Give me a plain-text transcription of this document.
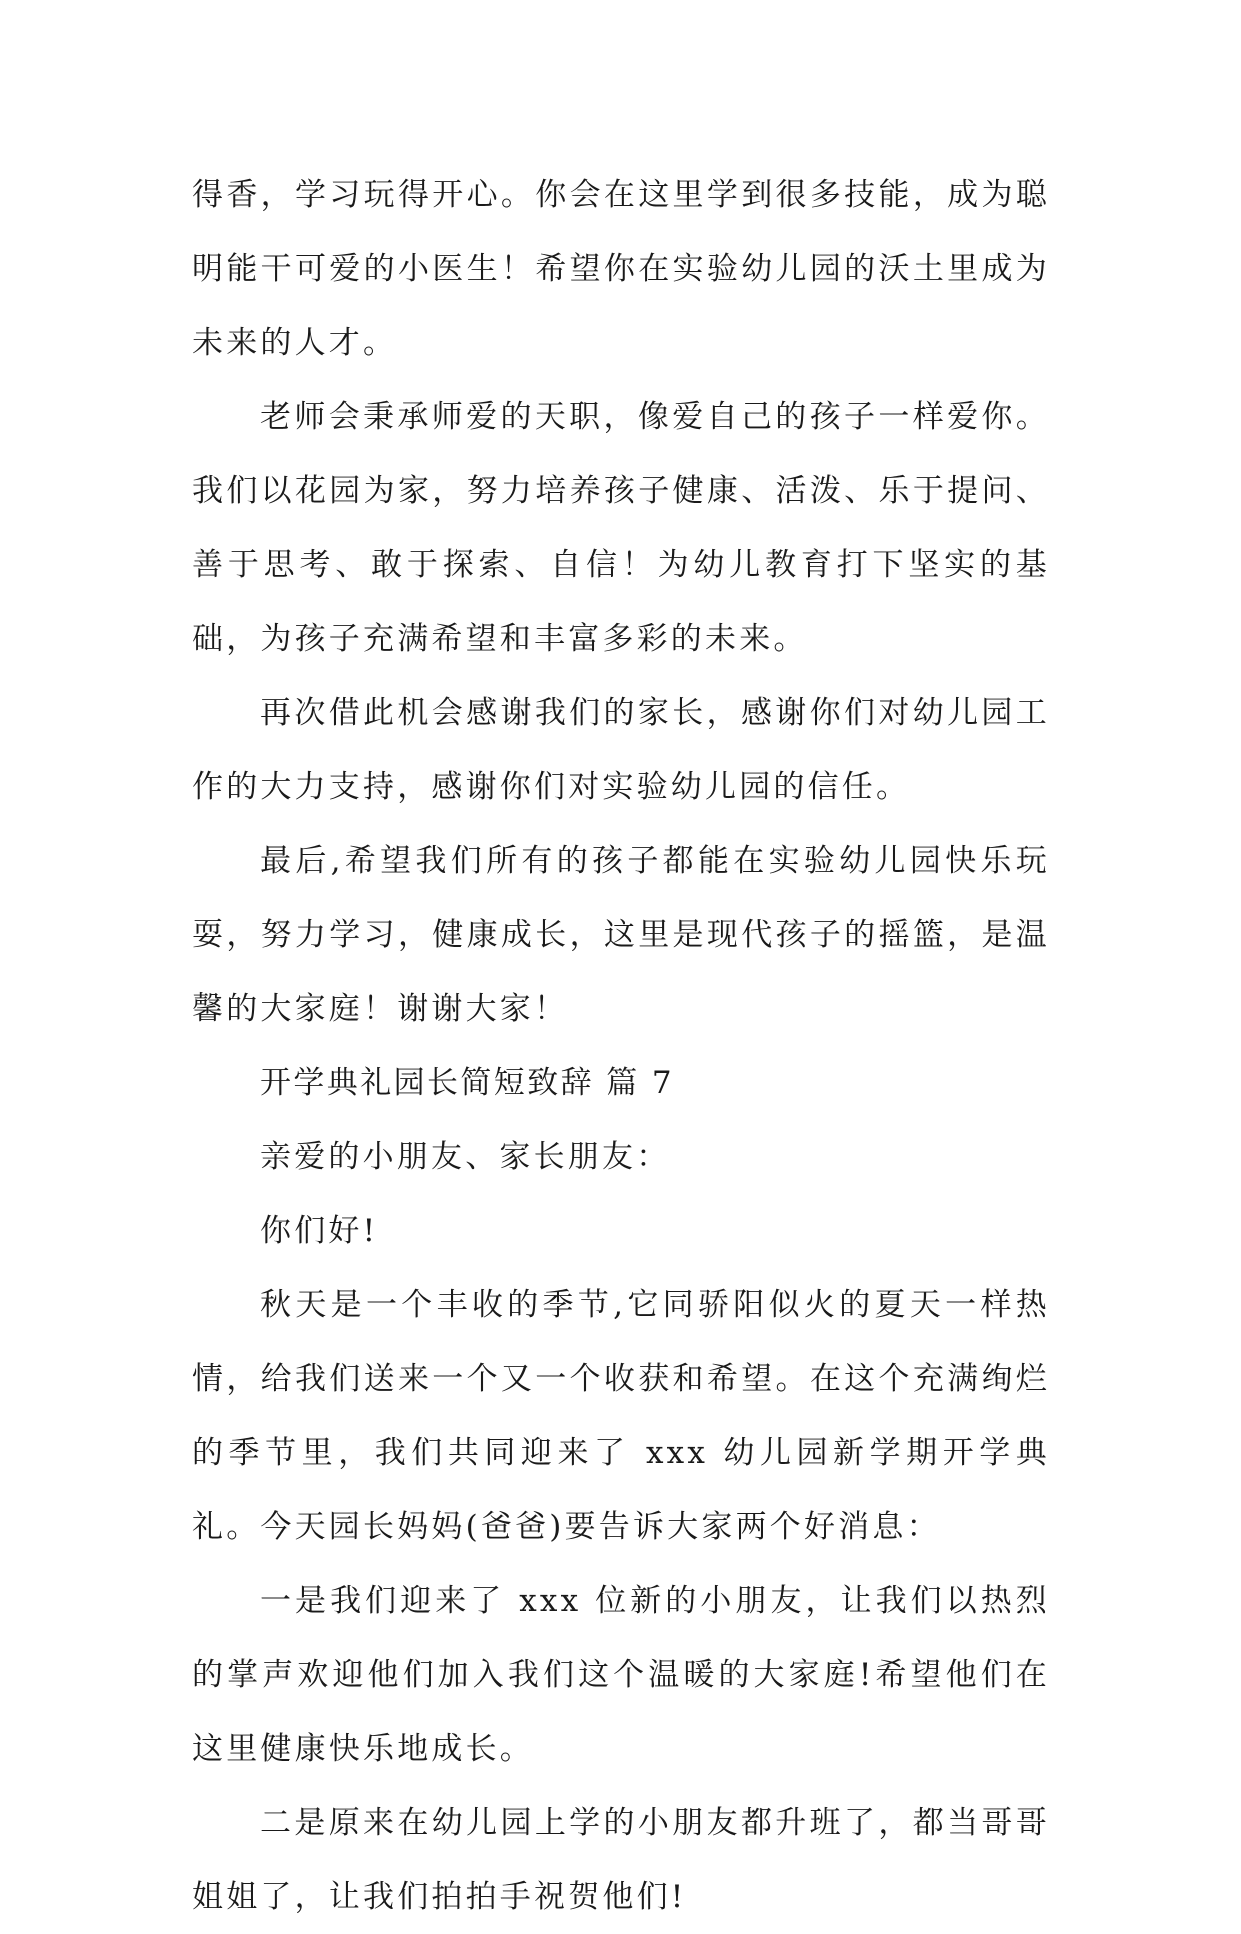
得香，学习玩得开心。你会在这里学到很多技能，成为聪明能干可爱的小医生！希望你在实验幼儿园的沃土里成为未来的人才。

老师会秉承师爱的天职，像爱自己的孩子一样爱你。我们以花园为家，努力培养孩子健康、活泼、乐于提问、善于思考、敢于探索、自信！为幼儿教育打下坚实的基础，为孩子充满希望和丰富多彩的未来。

再次借此机会感谢我们的家长，感谢你们对幼儿园工作的大力支持，感谢你们对实验幼儿园的信任。

最后,希望我们所有的孩子都能在实验幼儿园快乐玩耍，努力学习，健康成长，这里是现代孩子的摇篮，是温馨的大家庭！谢谢大家！

开学典礼园长简短致辞 篇 7

亲爱的小朋友、家长朋友：

你们好!

秋天是一个丰收的季节,它同骄阳似火的夏天一样热情，给我们送来一个又一个收获和希望。在这个充满绚烂的季节里，我们共同迎来了 xxx 幼儿园新学期开学典礼。今天园长妈妈(爸爸)要告诉大家两个好消息：

一是我们迎来了 xxx 位新的小朋友，让我们以热烈的掌声欢迎他们加入我们这个温暖的大家庭!希望他们在这里健康快乐地成长。

二是原来在幼儿园上学的小朋友都升班了，都当哥哥姐姐了，让我们拍拍手祝贺他们!
